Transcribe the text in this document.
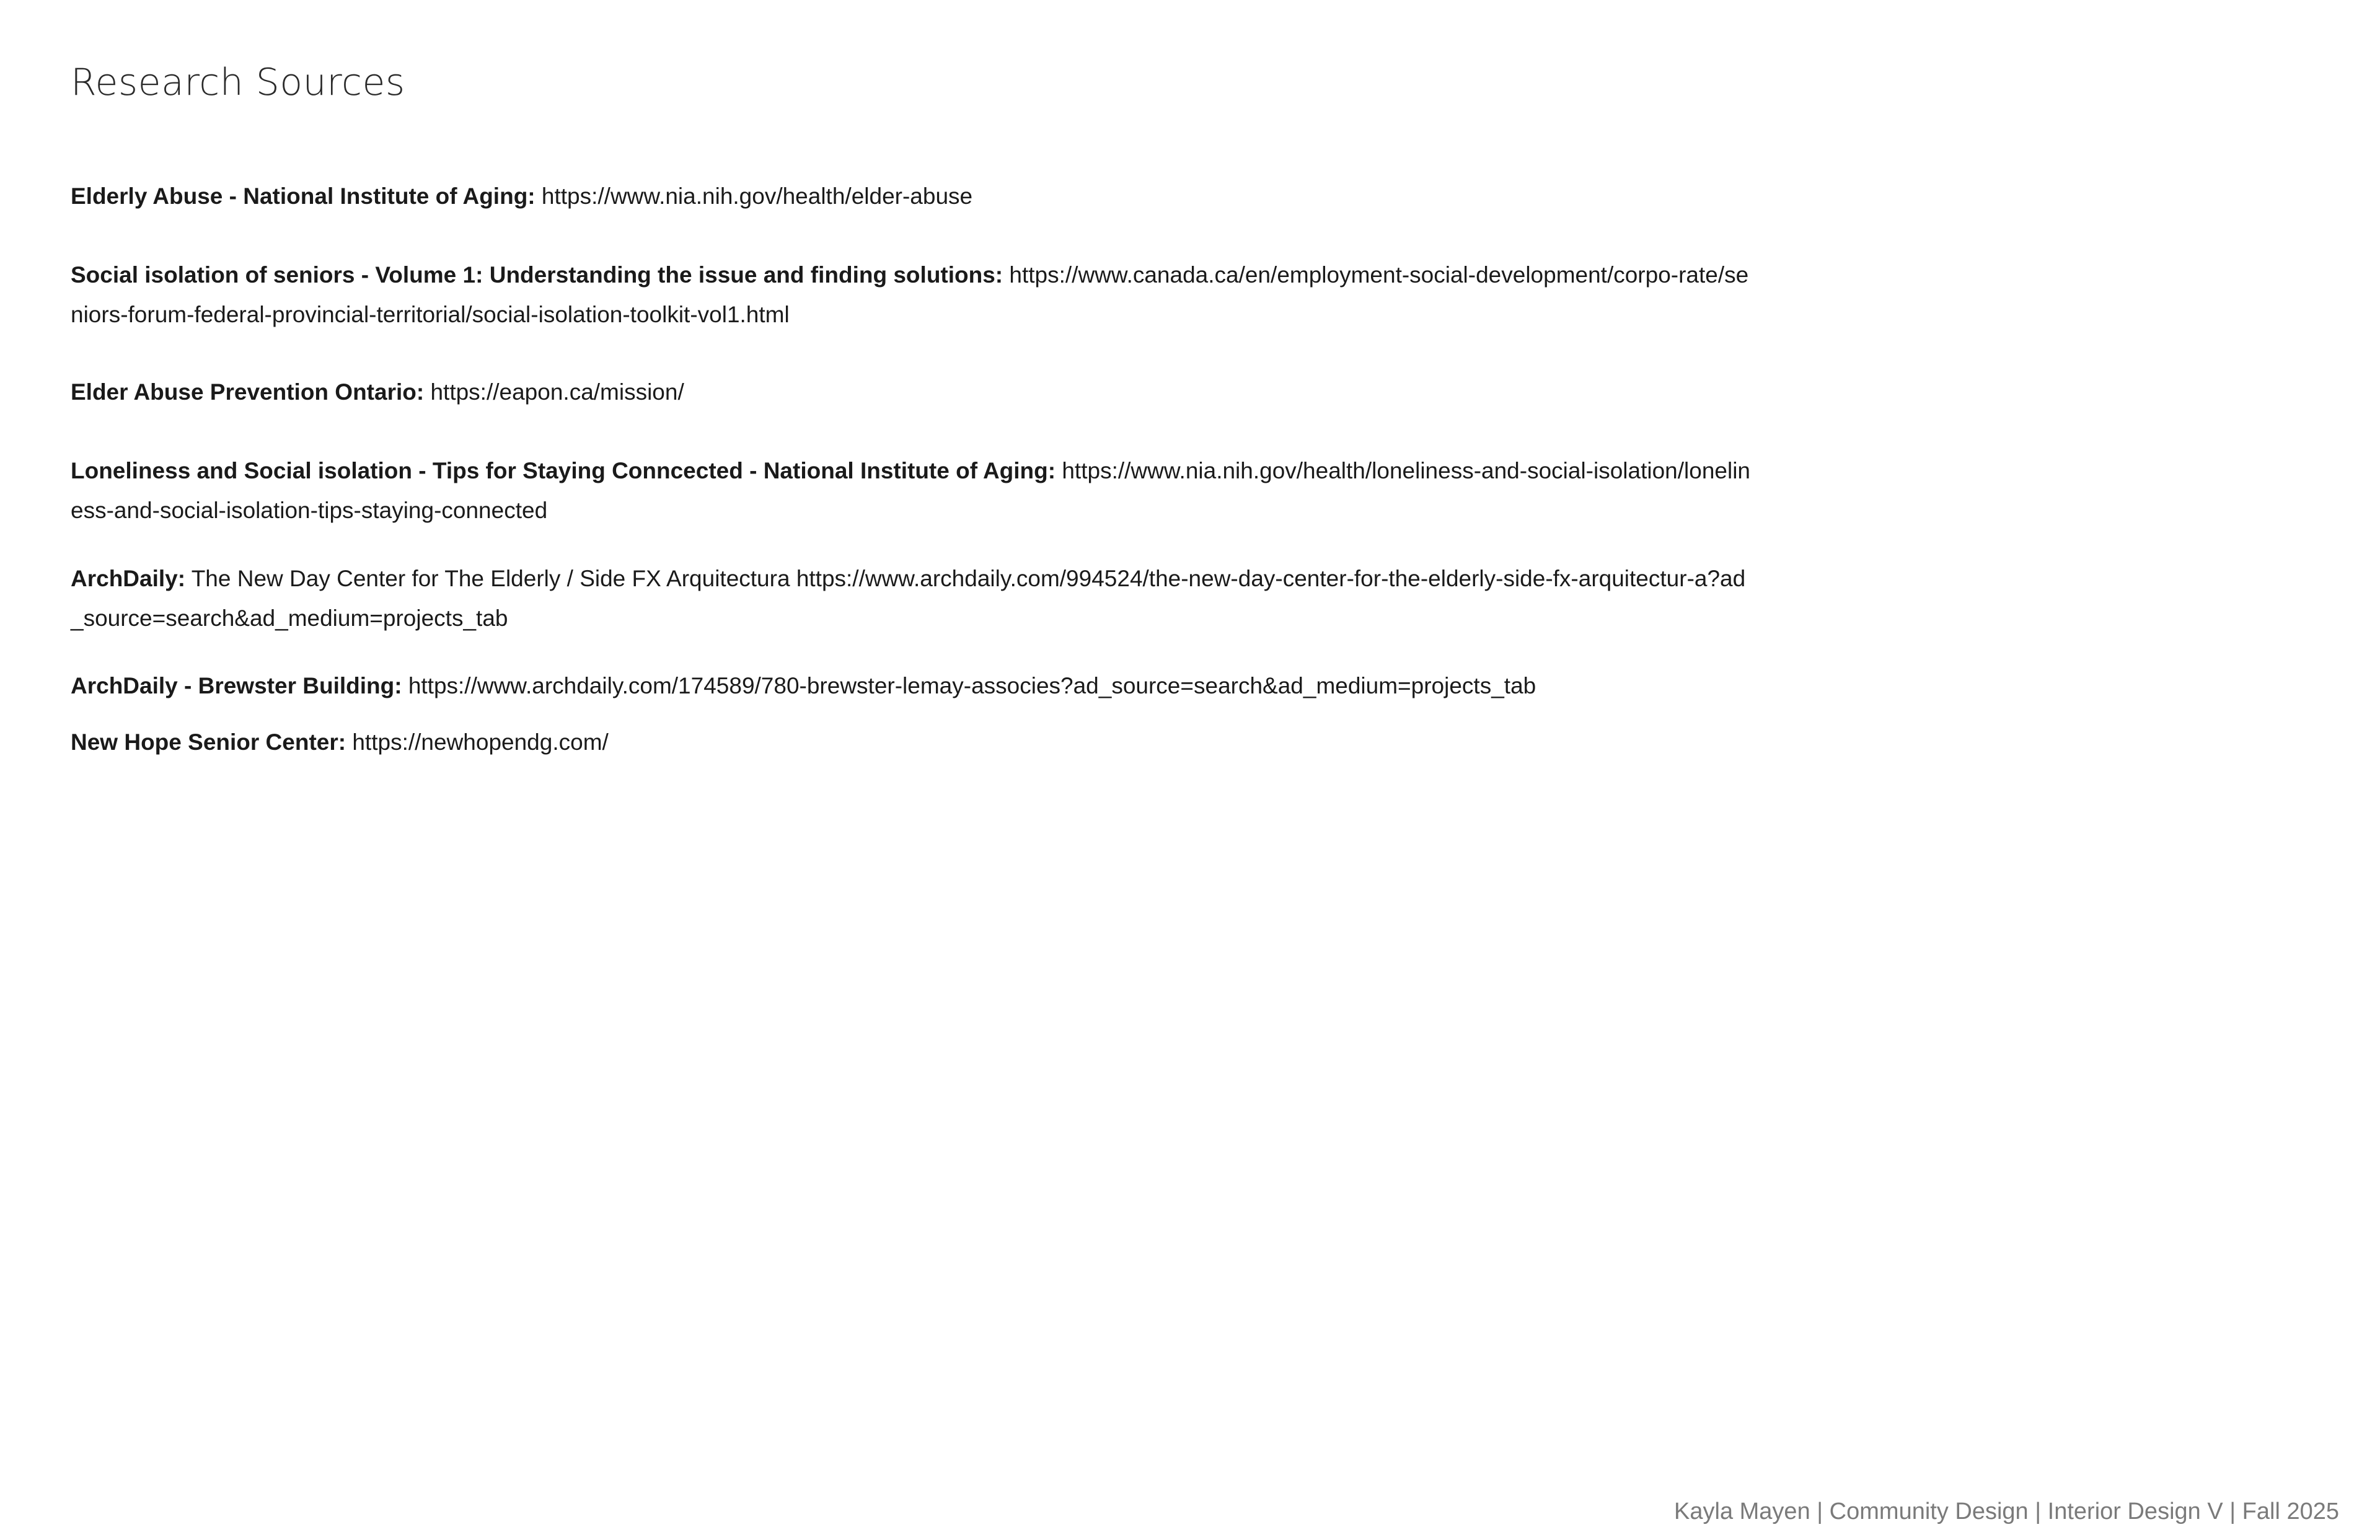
Research Sources

Elderly Abuse - National Institute of Aging: https://www.nia.nih.gov/health/elder-abuse

Social isolation of seniors - Volume 1: Understanding the issue and finding solutions: https://www.canada.ca/en/employment-social-development/corpo-rate/seniors-forum-federal-provincial-territorial/social-isolation-toolkit-vol1.html

Elder Abuse Prevention Ontario: https://eapon.ca/mission/

Loneliness and Social isolation - Tips for Staying Conncected - National Institute of Aging: https://www.nia.nih.gov/health/loneliness-and-social-isolation/loneliness-and-social-isolation-tips-staying-connected

ArchDaily: The New Day Center for The Elderly / Side FX Arquitectura https://www.archdaily.com/994524/the-new-day-center-for-the-elderly-side-fx-arquitectur-a?ad_source=search&ad_medium=projects_tab

ArchDaily - Brewster Building: https://www.archdaily.com/174589/780-brewster-lemay-associes?ad_source=search&ad_medium=projects_tab

New Hope Senior Center: https://newhopendg.com/

Kayla Mayen | Community Design | Interior Design V | Fall 2025
